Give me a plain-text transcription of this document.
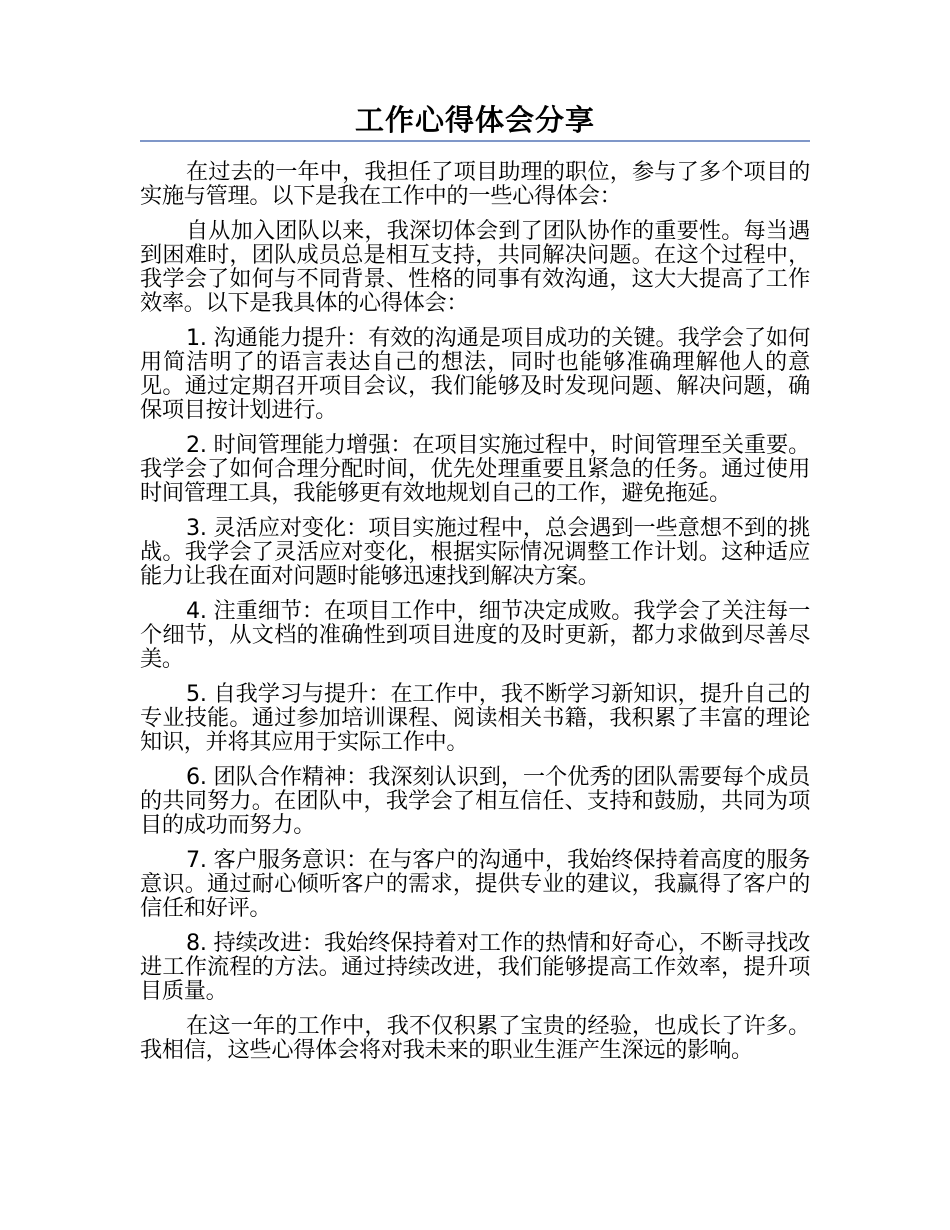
工作心得体会分享

在过去的一年中，我担任了项目助理的职位，参与了多个项目的实施与管理。以下是我在工作中的一些心得体会：

自从加入团队以来，我深切体会到了团队协作的重要性。每当遇到困难时，团队成员总是相互支持，共同解决问题。在这个过程中，我学会了如何与不同背景、性格的同事有效沟通，这大大提高了工作效率。以下是我具体的心得体会：

1. 沟通能力提升：有效的沟通是项目成功的关键。我学会了如何用简洁明了的语言表达自己的想法，同时也能够准确理解他人的意见。通过定期召开项目会议，我们能够及时发现问题、解决问题，确保项目按计划进行。

2. 时间管理能力增强：在项目实施过程中，时间管理至关重要。我学会了如何合理分配时间，优先处理重要且紧急的任务。通过使用时间管理工具，我能够更有效地规划自己的工作，避免拖延。

3. 灵活应对变化：项目实施过程中，总会遇到一些意想不到的挑战。我学会了灵活应对变化，根据实际情况调整工作计划。这种适应能力让我在面对问题时能够迅速找到解决方案。

4. 注重细节：在项目工作中，细节决定成败。我学会了关注每一个细节，从文档的准确性到项目进度的及时更新，都力求做到尽善尽美。

5. 自我学习与提升：在工作中，我不断学习新知识，提升自己的专业技能。通过参加培训课程、阅读相关书籍，我积累了丰富的理论知识，并将其应用于实际工作中。

6. 团队合作精神：我深刻认识到，一个优秀的团队需要每个成员的共同努力。在团队中，我学会了相互信任、支持和鼓励，共同为项目的成功而努力。

7. 客户服务意识：在与客户的沟通中，我始终保持着高度的服务意识。通过耐心倾听客户的需求，提供专业的建议，我赢得了客户的信任和好评。

8. 持续改进：我始终保持着对工作的热情和好奇心，不断寻找改进工作流程的方法。通过持续改进，我们能够提高工作效率，提升项目质量。

在这一年的工作中，我不仅积累了宝贵的经验，也成长了许多。我相信，这些心得体会将对我未来的职业生涯产生深远的影响。
